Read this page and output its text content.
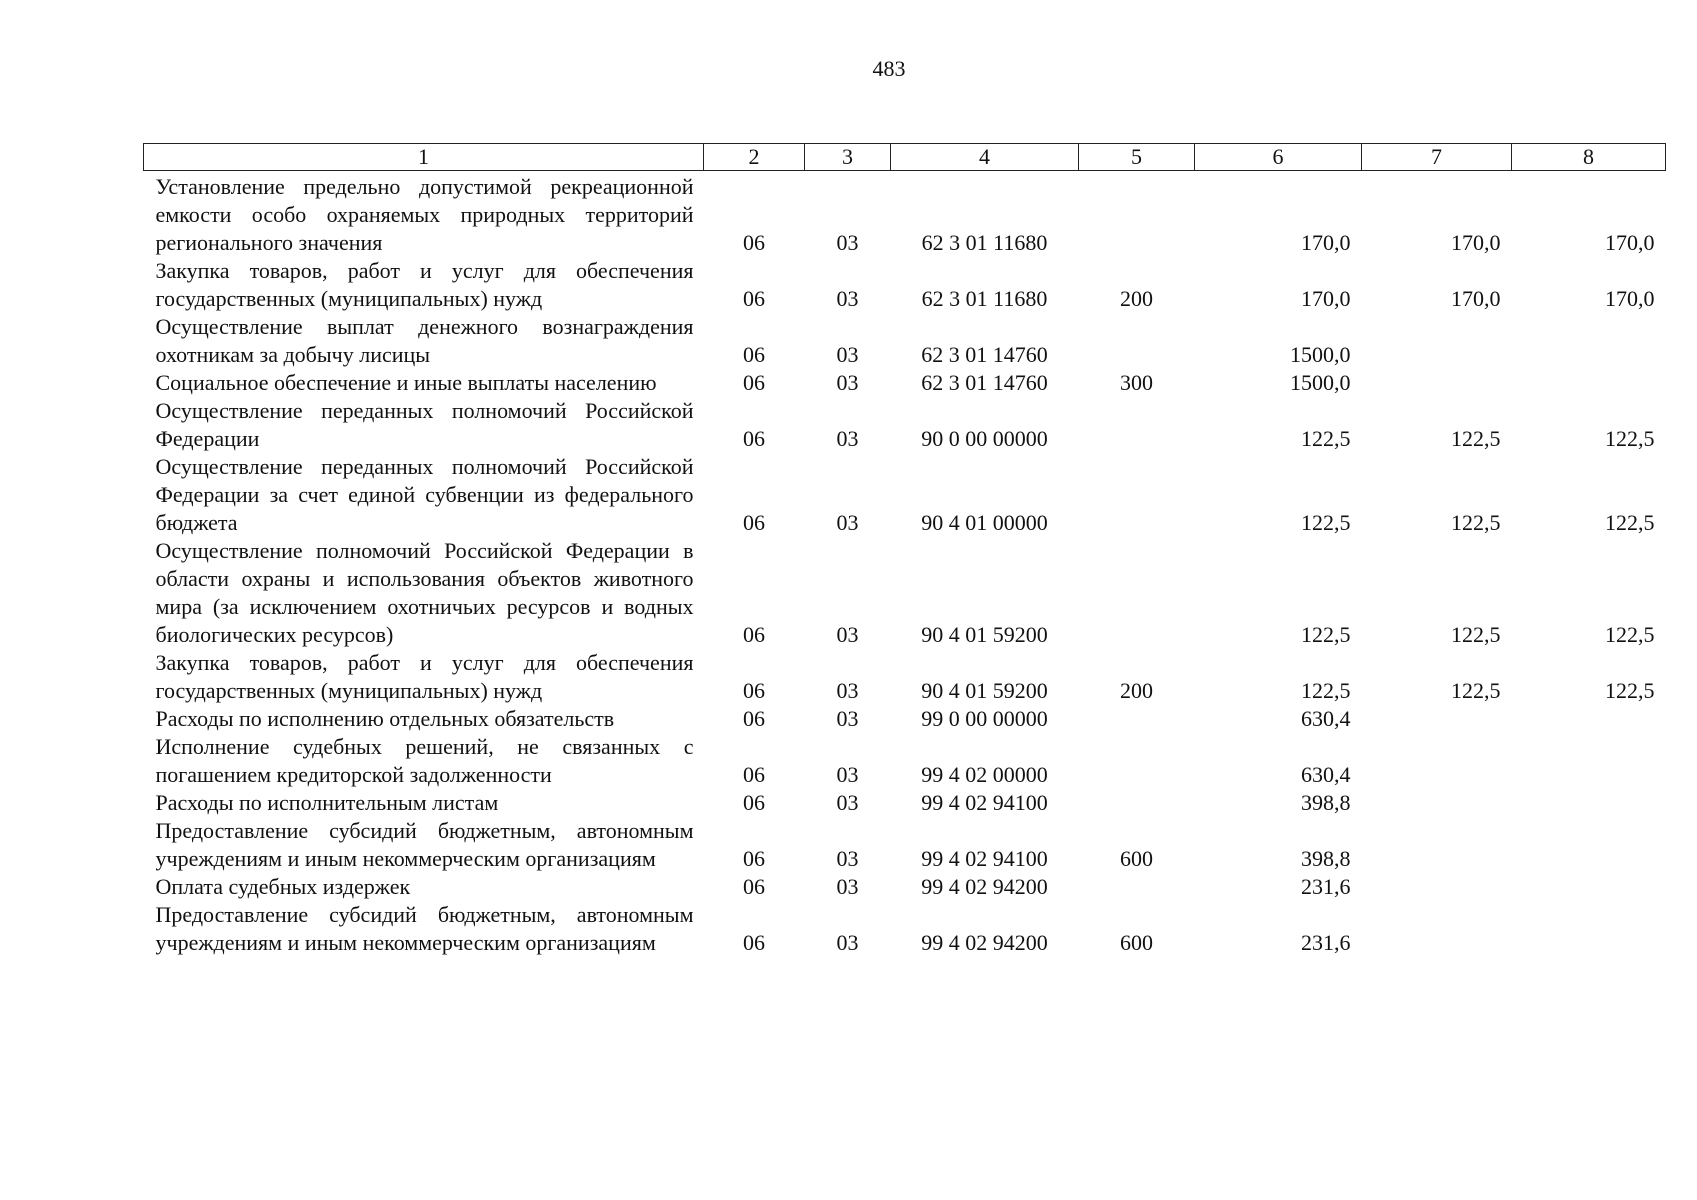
483
1	2	3	4	5	6	7	8
Установление предельно допустимой рекреационной емкости особо охраняемых природных территорий регионального значения	06	03	62 3 01 11680		170,0	170,0	170,0
Закупка товаров, работ и услуг для обеспечения государственных (муниципальных) нужд	06	03	62 3 01 11680	200	170,0	170,0	170,0
Осуществление выплат денежного вознаграждения охотникам за добычу лисицы	06	03	62 3 01 14760		1500,0		
Социальное обеспечение и иные выплаты населению	06	03	62 3 01 14760	300	1500,0		
Осуществление переданных полномочий Российской Федерации	06	03	90 0 00 00000		122,5	122,5	122,5
Осуществление переданных полномочий Российской Федерации за счет единой субвенции из федерального бюджета	06	03	90 4 01 00000		122,5	122,5	122,5
Осуществление полномочий Российской Федерации в области охраны и использования объектов животного мира (за исключением охотничьих ресурсов и водных биологических ресурсов)	06	03	90 4 01 59200		122,5	122,5	122,5
Закупка товаров, работ и услуг для обеспечения государственных (муниципальных) нужд	06	03	90 4 01 59200	200	122,5	122,5	122,5
Расходы по исполнению отдельных обязательств	06	03	99 0 00 00000		630,4		
Исполнение судебных решений, не связанных с погашением кредиторской задолженности	06	03	99 4 02 00000		630,4		
Расходы по исполнительным листам	06	03	99 4 02 94100		398,8		
Предоставление субсидий бюджетным, автономным учреждениям и иным некоммерческим организациям	06	03	99 4 02 94100	600	398,8		
Оплата судебных издержек	06	03	99 4 02 94200		231,6		
Предоставление субсидий бюджетным, автономным учреждениям и иным некоммерческим организациям	06	03	99 4 02 94200	600	231,6		
